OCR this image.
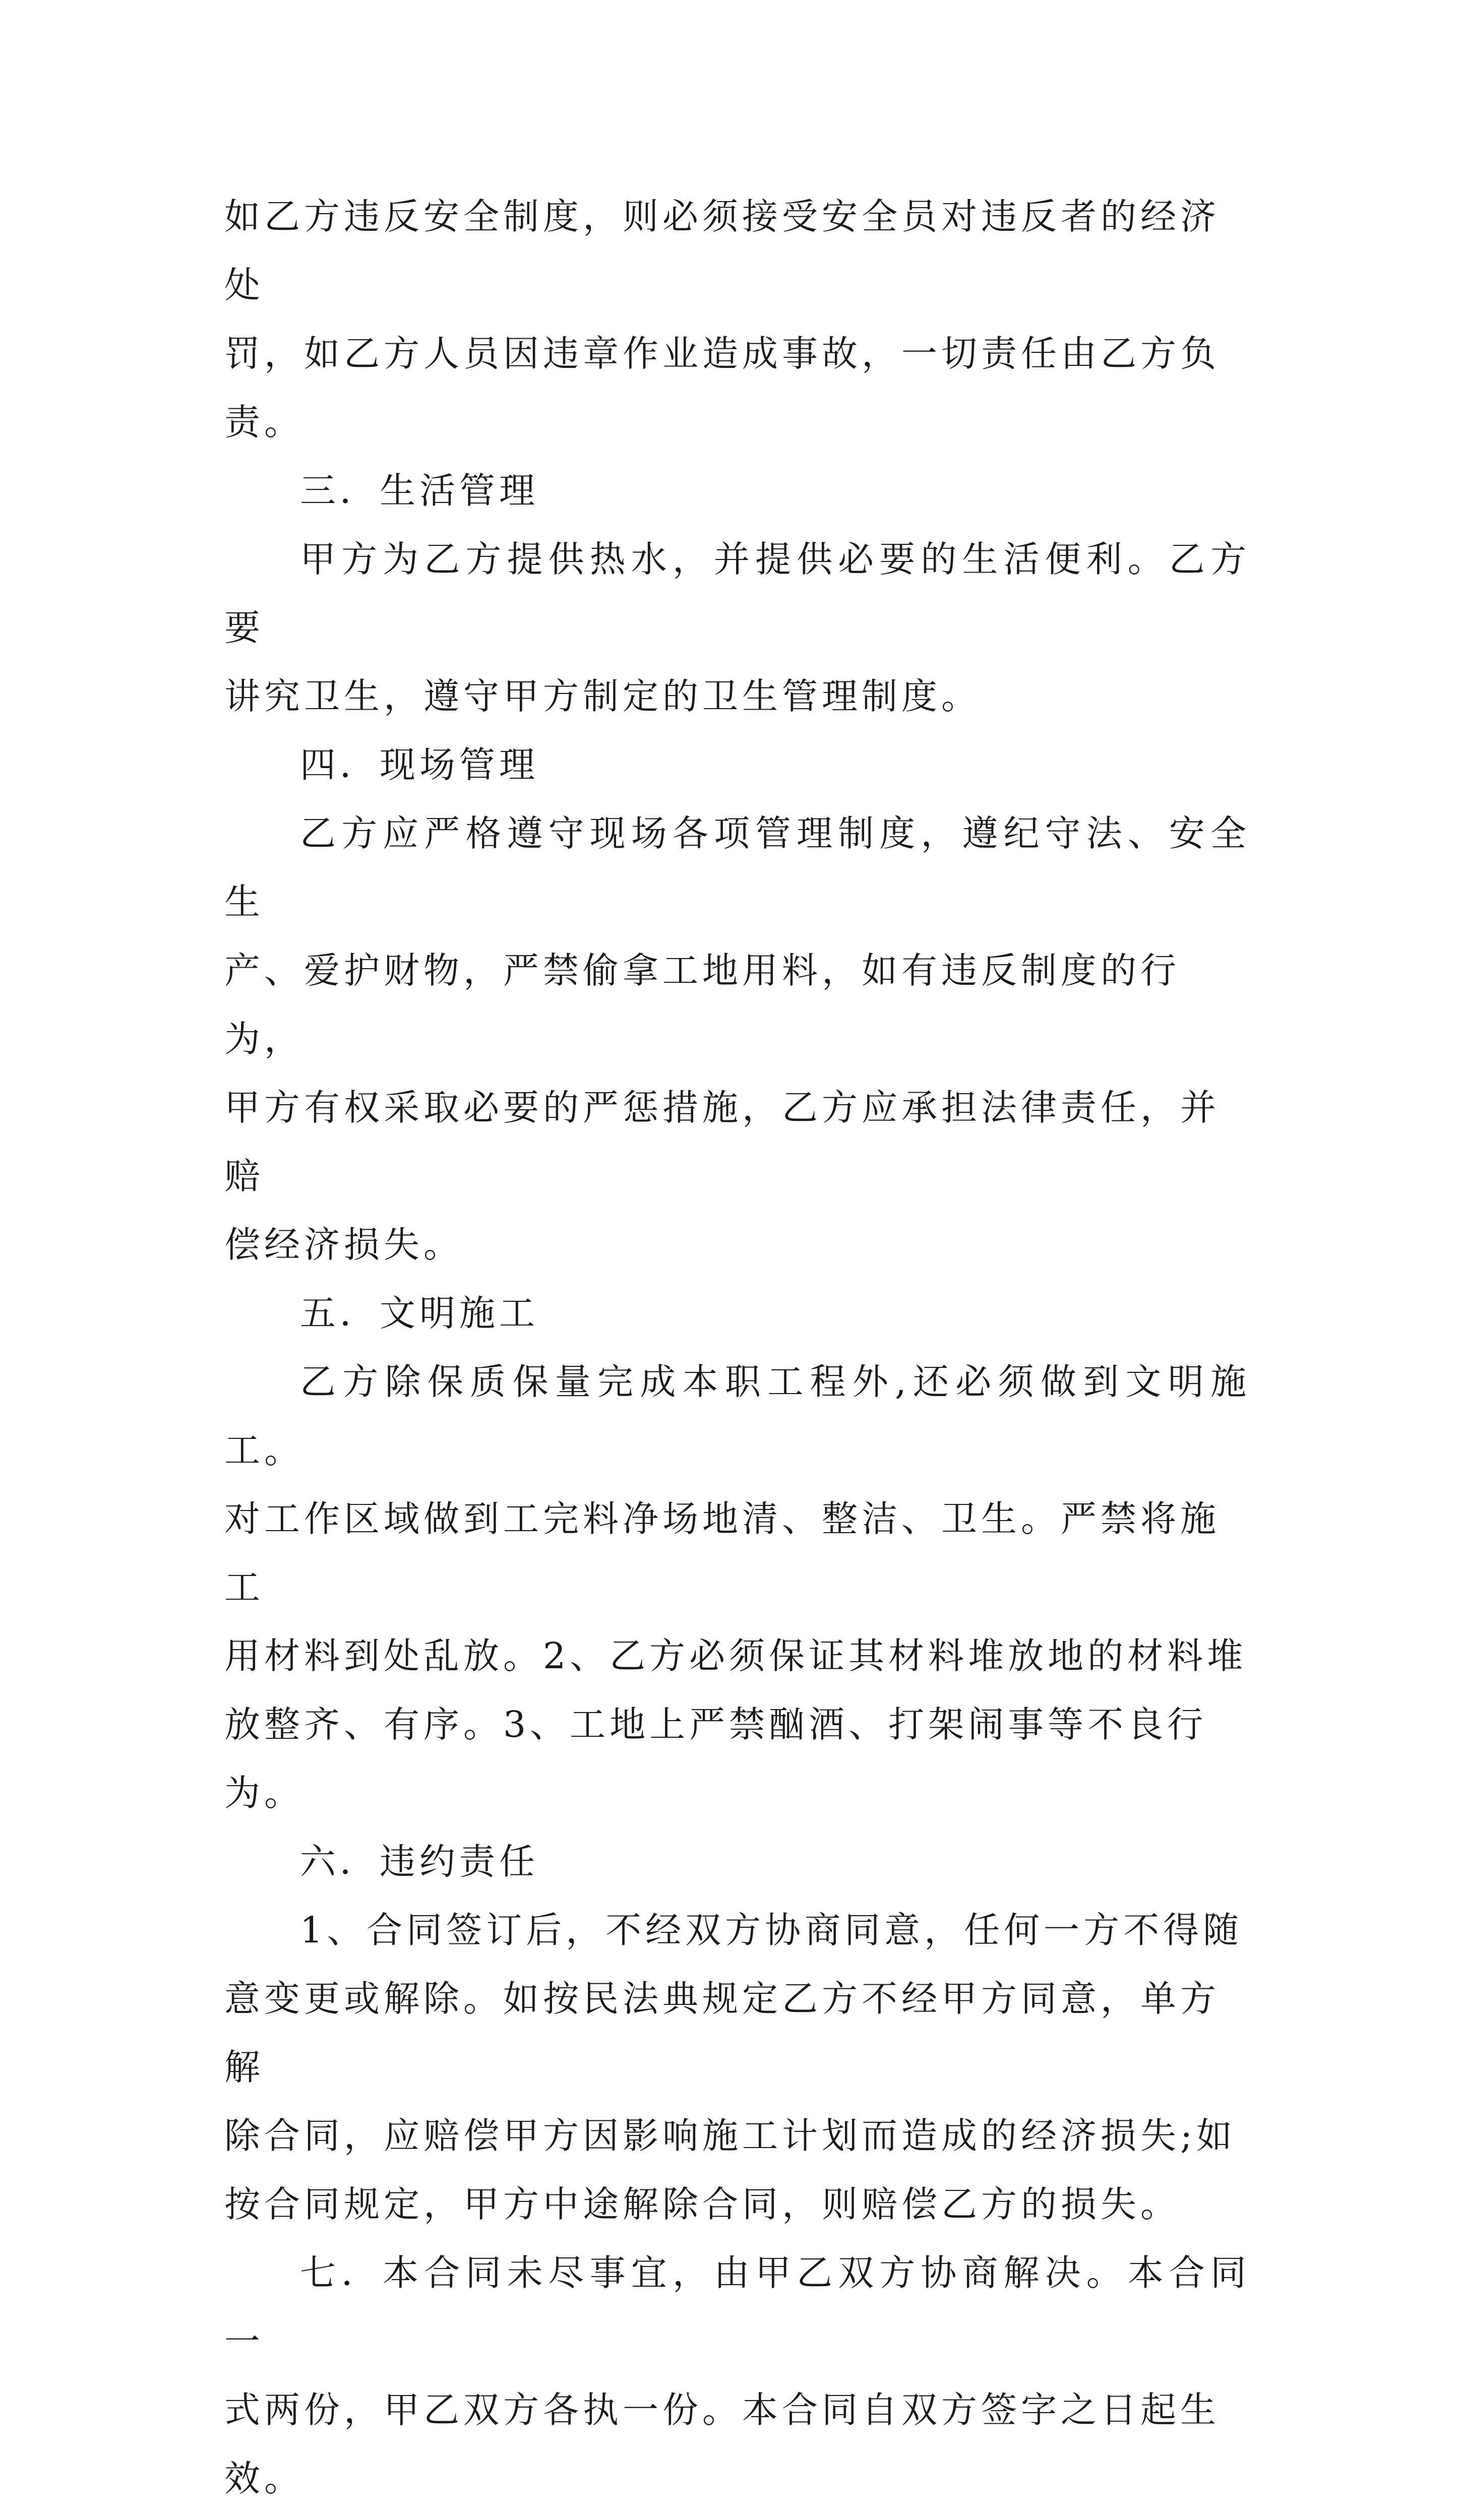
如乙方违反安全制度，则必须接受安全员对违反者的经济处
罚，如乙方人员因违章作业造成事故，一切责任由乙方负责。
三．生活管理
甲方为乙方提供热水，并提供必要的生活便利。乙方要
讲究卫生，遵守甲方制定的卫生管理制度。
四．现场管理
乙方应严格遵守现场各项管理制度，遵纪守法、安全生
产、爱护财物，严禁偷拿工地用料，如有违反制度的行为，
甲方有权采取必要的严惩措施，乙方应承担法律责任，并赔
偿经济损失。
五．文明施工
乙方除保质保量完成本职工程外,还必须做到文明施工。
对工作区域做到工完料净场地清、整洁、卫生。严禁将施工
用材料到处乱放。2、乙方必须保证其材料堆放地的材料堆
放整齐、有序。3、工地上严禁酗酒、打架闹事等不良行为。
六．违约责任
1、合同签订后，不经双方协商同意，任何一方不得随
意变更或解除。如按民法典规定乙方不经甲方同意，单方解
除合同，应赔偿甲方因影响施工计划而造成的经济损失;如
按合同规定，甲方中途解除合同，则赔偿乙方的损失。
七．本合同未尽事宜，由甲乙双方协商解决。本合同一
式两份，甲乙双方各执一份。本合同自双方签字之日起生效。
